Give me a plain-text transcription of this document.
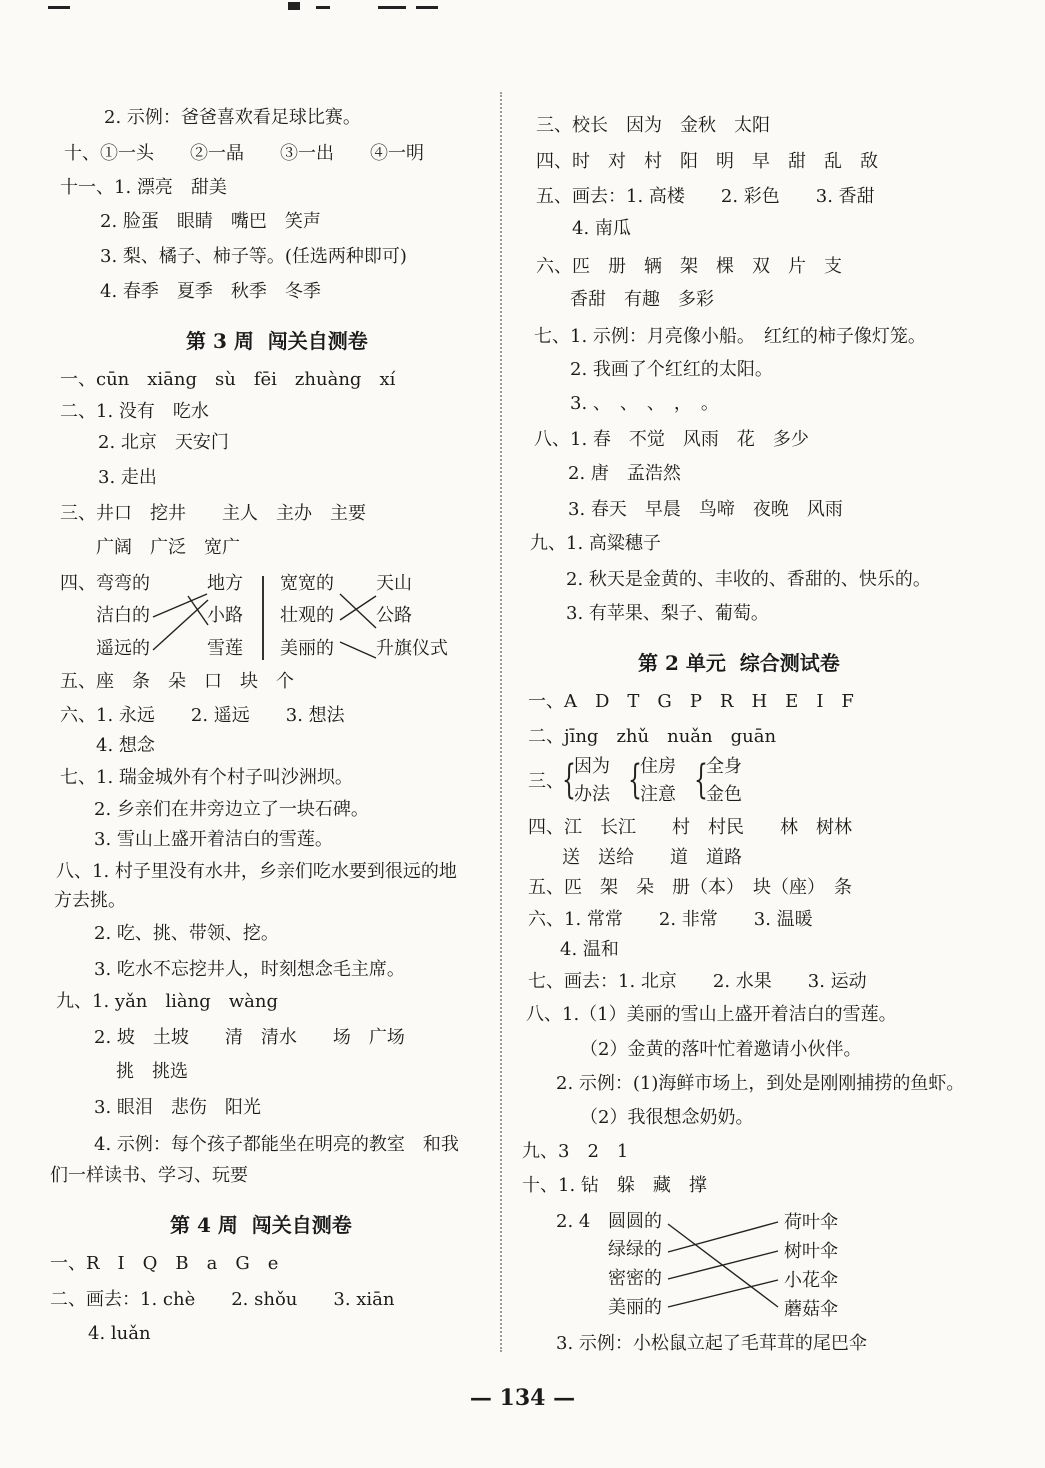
2. 示例：爸爸喜欢看足球比赛。
十、①一头　　②一晶　　③一出　　④一明
十一、1. 漂亮　甜美
2. 脸蛋　眼睛　嘴巴　笑声
3. 梨、橘子、柿子等。(任选两种即可)
4. 春季　夏季　秋季　冬季
第 3 周  闯关自测卷
一、cūn　xiāng　sù　fēi　zhuàng　xí
二、1. 没有　吃水
2. 北京　天安门
3. 走出
三、井口　挖井　　主人　主办　主要
广阔　广泛　宽广
四、弯弯的
洁白的
遥远的
地方
小路
雪莲
宽宽的
壮观的
美丽的
天山
公路
升旗仪式
五、座　条　朵　口　块　个
六、1. 永远　　2. 遥远　　3. 想法
4. 想念
七、1. 瑞金城外有个村子叫沙洲坝。
2. 乡亲们在井旁边立了一块石碑。
3. 雪山上盛开着洁白的雪莲。
八、1. 村子里没有水井，乡亲们吃水要到很远的地
方去挑。
2. 吃、挑、带领、挖。
3. 吃水不忘挖井人，时刻想念毛主席。
九、1. yǎn　liàng　wàng
2. 坡　土坡　　清　清水　　场　广场
挑　挑选
3. 眼泪　悲伤　阳光
4. 示例：每个孩子都能坐在明亮的教室　和我
们一样读书、学习、玩要
第 4 周  闯关自测卷
一、R　I　Q　B　a　G　e
二、画去：1. chè　　2. shǒu　　3. xiān
4. luǎn
三、校长　因为　金秋　太阳
四、时　对　村　阳　明　早　甜　乱　敌
五、画去：1. 高楼　　2. 彩色　　3. 香甜
4. 南瓜
六、匹　册　辆　架　棵　双　片　支
香甜　有趣　多彩
七、1. 示例：月亮像小船。　红红的柿子像灯笼。
2. 我画了个红红的太阳。
3. 、　、　、　，　。
八、1. 春　不觉　风雨　花　多少
2. 唐　孟浩然
3. 春天　早晨　鸟啼　夜晚　风雨
九、1. 高粱穗子
2. 秋天是金黄的、丰收的、香甜的、快乐的。
3. 有苹果、梨子、葡萄。
第 2 单元  综合测试卷
一、A　D　T　G　P　R　H　E　I　F
二、jīng　zhǔ　nuǎn　guān
三、
{
因为
办法 {
住房
注意 {
全身
金色
四、江　长江　　村　村民　　林　树林
送　送给　　道　道路
五、匹　架　朵　册（本）　块（座）　条
六、1. 常常　　2. 非常　　3. 温暖
4. 温和
七、画去：1. 北京　　2. 水果　　3. 运动
八、1.（1）美丽的雪山上盛开着洁白的雪莲。
（2）金黄的落叶忙着邀请小伙伴。
2. 示例：(1)海鲜市场上，到处是刚刚捕捞的鱼虾。
（2）我很想念奶奶。
九、3　2　1
十、1. 钻　躲　藏　撑
2. 4 圆圆的
绿绿的
密密的
美丽的
荷叶伞
树叶伞
小花伞
蘑菇伞
3. 示例：小松鼠立起了毛茸茸的尾巴伞
— 134 —
